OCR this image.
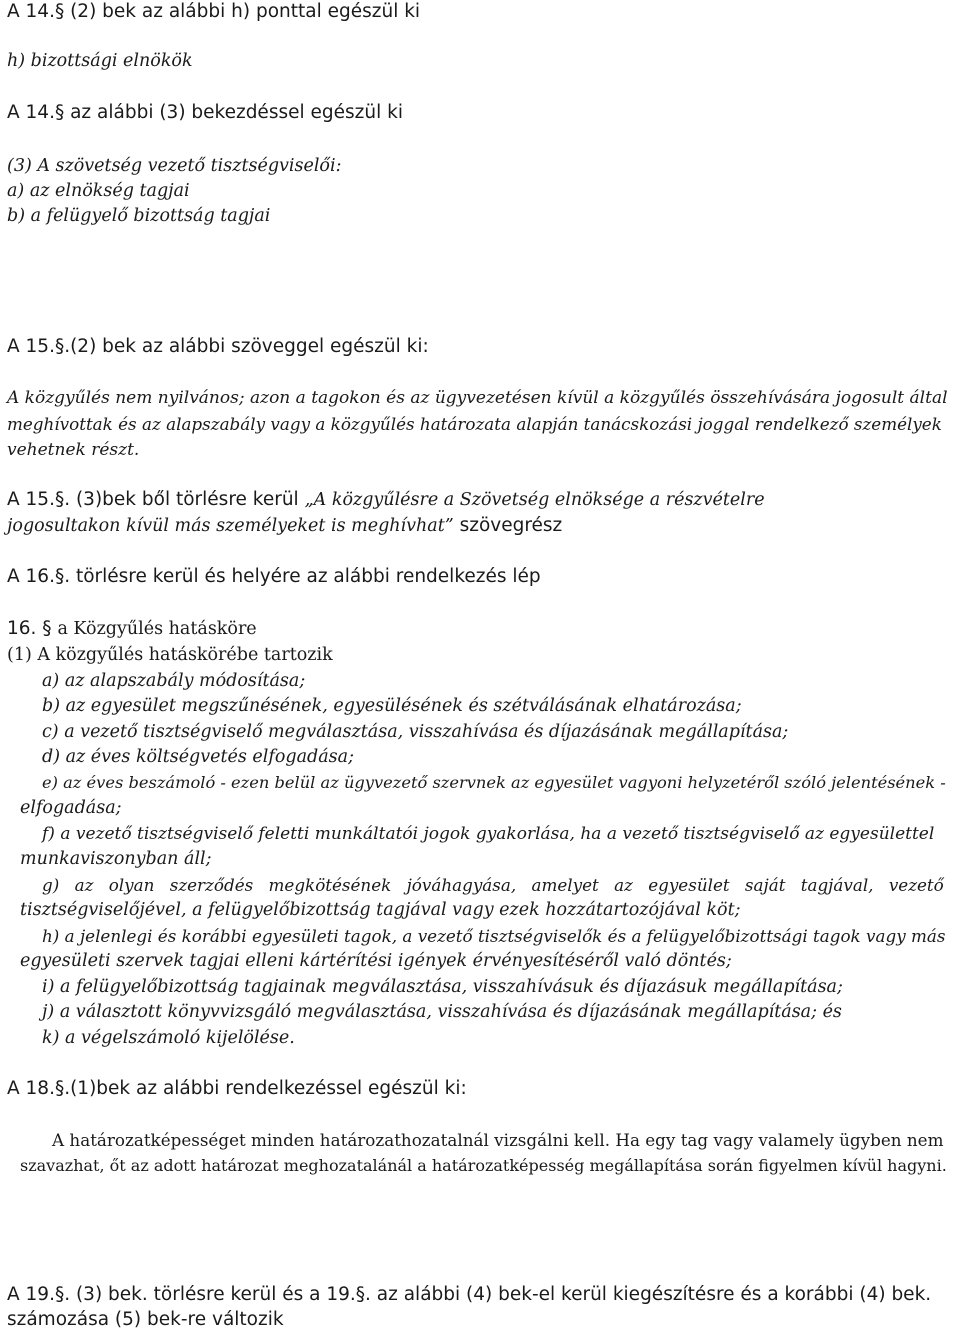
A 14.§ (2) bek az alábbi h) ponttal egészül ki

h) bizottsági elnökök

A 14.§ az alábbi (3) bekezdéssel egészül ki

(3) A szövetség vezető tisztségviselői:

a) az elnökség tagjai

b) a felügyelő bizottság tagjai

A 15.§.(2) bek az alábbi szöveggel egészül ki:

A közgyűlés nem nyilvános; azon a tagokon és az ügyvezetésen kívül a közgyűlés összehívására jogosult által

meghívottak és az alapszabály vagy a közgyűlés határozata alapján tanácskozási joggal rendelkező személyek

vehetnek részt.

A 15.§. (3)bek ből törlésre kerül „A közgyűlésre a Szövetség elnöksége a részvételre

jogosultakon kívül más személyeket is meghívhat” szövegrész

A 16.§. törlésre kerül és helyére az alábbi rendelkezés lép

16. § a Közgyűlés hatásköre

(1) A közgyűlés hatáskörébe tartozik

a) az alapszabály módosítása;

b) az egyesület megszűnésének, egyesülésének és szétválásának elhatározása;

c) a vezető tisztségviselő megválasztása, visszahívása és díjazásának megállapítása;

d) az éves költségvetés elfogadása;

e) az éves beszámoló - ezen belül az ügyvezető szervnek az egyesület vagyoni helyzetéről szóló jelentésének -

elfogadása;

f) a vezető tisztségviselő feletti munkáltatói jogok gyakorlása, ha a vezető tisztségviselő az egyesülettel

munkaviszonyban áll;

g) az olyan szerződés megkötésének jóváhagyása, amelyet az egyesület saját tagjával, vezető

tisztségviselőjével, a felügyelőbizottság tagjával vagy ezek hozzátartozójával köt;

h) a jelenlegi és korábbi egyesületi tagok, a vezető tisztségviselők és a felügyelőbizottsági tagok vagy más

egyesületi szervek tagjai elleni kártérítési igények érvényesítéséről való döntés;

i) a felügyelőbizottság tagjainak megválasztása, visszahívásuk és díjazásuk megállapítása;

j) a választott könyvvizsgáló megválasztása, visszahívása és díjazásának megállapítása; és

k) a végelszámoló kijelölése.

A 18.§.(1)bek az alábbi rendelkezéssel egészül ki:

A határozatképességet minden határozathozatalnál vizsgálni kell. Ha egy tag vagy valamely ügyben nem

szavazhat, őt az adott határozat meghozatalánál a határozatképesség megállapítása során figyelmen kívül hagyni.

A 19.§. (3) bek. törlésre kerül és a 19.§. az alábbi (4) bek-el kerül kiegészítésre és a korábbi (4) bek.

számozása (5) bek-re változik
